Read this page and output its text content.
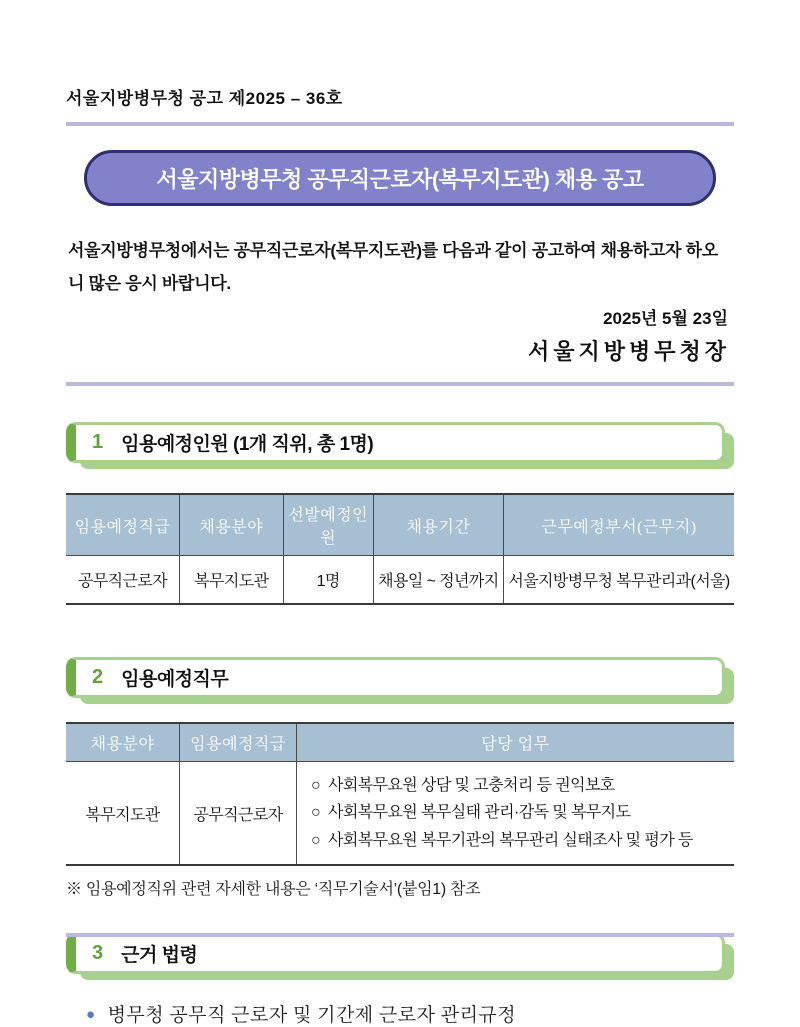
서울지방병무청 공고 제2025 – 36호
서울지방병무청 공무직근로자(복무지도관) 채용 공고

서울지방병무청에서는 공무직근로자(복무지도관)를 다음과 같이 공고하여 채용하고자 하오니 많은 응시 바랍니다.

2025년 5월 23일
서울지방병무청장
1 임용예정인원 (1개 직위, 총 1명)
임용예정직급	채용분야	선발예정인원	채용기간	근무예정부서(근무지)
공무직근로자	복무지도관	1명	채용일 ~ 정년까지	서울지방병무청 복무관리과(서울)
2 임용예정직무
채용분야	임용예정직급	담당 업무
복무지도관	공무직근로자	○ 사회복무요원 상담 및 고충처리 등 권익보호
○ 사회복무요원 복무실태 관리·감독 및 복무지도
○ 사회복무요원 복무기관의 복무관리 실태조사 및 평가 등
※ 임용예정직위 관련 자세한 내용은 ‘직무기술서’(붙임1) 참조
3 근거 법령
● 병무청 공무직 근로자 및 기간제 근로자 관리규정
